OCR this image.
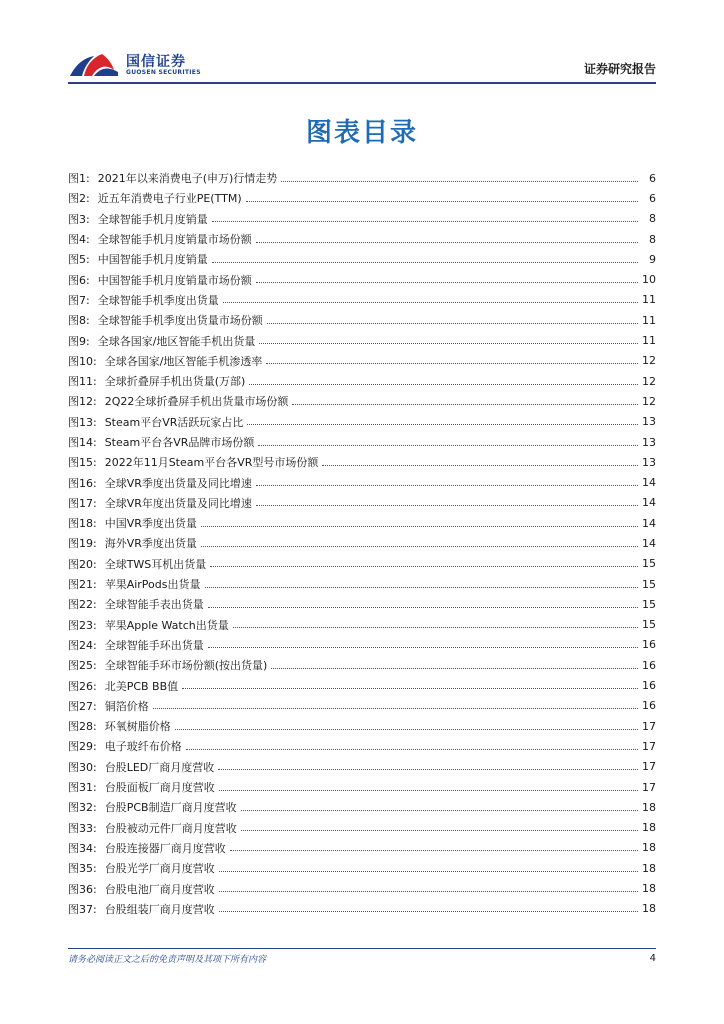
国信证券
GUOSEN SECURITIES	证券研究报告
图表目录
图1: 2021年以来消费电子(申万)行情走势	6
图2: 近五年消费电子行业PE(TTM)	6
图3: 全球智能手机月度销量	8
图4: 全球智能手机月度销量市场份额	8
图5: 中国智能手机月度销量	9
图6: 中国智能手机月度销量市场份额	10
图7: 全球智能手机季度出货量	11
图8: 全球智能手机季度出货量市场份额	11
图9: 全球各国家/地区智能手机出货量	11
图10: 全球各国家/地区智能手机渗透率	12
图11: 全球折叠屏手机出货量(万部)	12
图12: 2Q22全球折叠屏手机出货量市场份额	12
图13: Steam平台VR活跃玩家占比	13
图14: Steam平台各VR品牌市场份额	13
图15: 2022年11月Steam平台各VR型号市场份额	13
图16: 全球VR季度出货量及同比增速	14
图17: 全球VR年度出货量及同比增速	14
图18: 中国VR季度出货量	14
图19: 海外VR季度出货量	14
图20: 全球TWS耳机出货量	15
图21: 苹果AirPods出货量	15
图22: 全球智能手表出货量	15
图23: 苹果Apple Watch出货量	15
图24: 全球智能手环出货量	16
图25: 全球智能手环市场份额(按出货量)	16
图26: 北美PCB BB值	16
图27: 铜箔价格	16
图28: 环氧树脂价格	17
图29: 电子玻纤布价格	17
图30: 台股LED厂商月度营收	17
图31: 台股面板厂商月度营收	17
图32: 台股PCB制造厂商月度营收	18
图33: 台股被动元件厂商月度营收	18
图34: 台股连接器厂商月度营收	18
图35: 台股光学厂商月度营收	18
图36: 台股电池厂商月度营收	18
图37: 台股组装厂商月度营收	18
请务必阅读正文之后的免责声明及其项下所有内容	4
